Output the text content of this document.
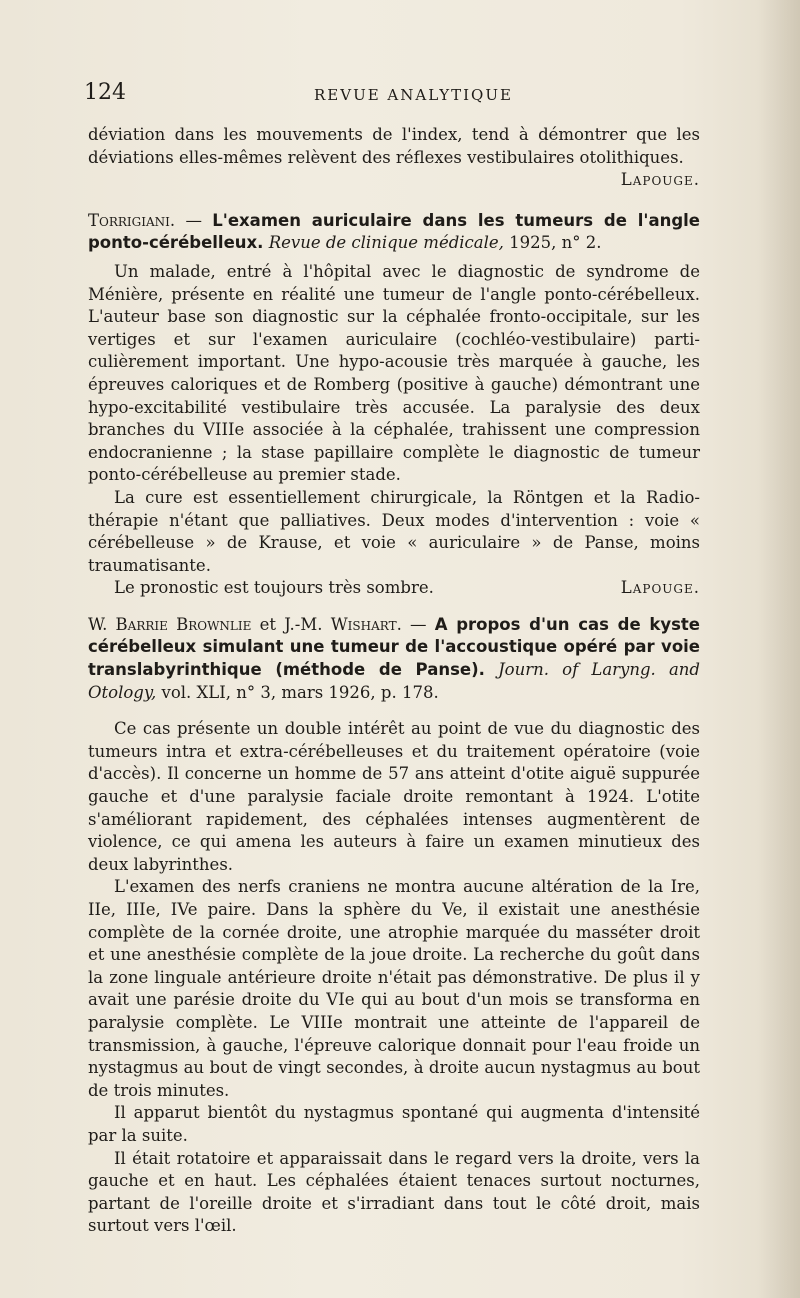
124	REVUE ANALYTIQUE

déviation dans les mouvements de l'index, tend à démontrer que les déviations elles-mêmes relèvent des réflexes vestibulaires otolithiques.

Lapouge.

Torrigiani. — L'examen auriculaire dans les tumeurs de l'angle ponto-cérébelleux. Revue de clinique médicale, 1925, n° 2.

Un malade, entré à l'hôpital avec le diagnostic de syndrome de Ménière, présente en réalité une tumeur de l'angle ponto-cérébelleux. L'auteur base son diagnostic sur la céphalée fronto-occipitale, sur les vertiges et sur l'examen auriculaire (cochléo-vestibulaire) particulièrement important. Une hypo-acousie très marquée à gauche, les épreuves caloriques et de Romberg (positive à gauche) démontrant une hypo-excitabilité vestibulaire très accusée. La paralysie des deux branches du VIIIe associée à la céphalée, trahissent une compression endocranienne ; la stase papillaire complète le diagnostic de tumeur ponto-cérébelleuse au premier stade.

La cure est essentiellement chirurgicale, la Röntgen et la Radiothérapie n'étant que palliatives. Deux modes d'intervention : voie « cérébelleuse » de Krause, et voie « auriculaire » de Panse, moins traumatisante.

Le pronostic est toujours très sombre.	Lapouge.

W. Barrie Brownlie et J.-M. Wishart. — A propos d'un cas de kyste cérébelleux simulant une tumeur de l'accoustique opéré par voie translabyrinthique (méthode de Panse). Journ. of Laryng. and Otology, vol. XLI, n° 3, mars 1926, p. 178.

Ce cas présente un double intérêt au point de vue du diagnostic des tumeurs intra et extra-cérébelleuses et du traitement opératoire (voie d'accès). Il concerne un homme de 57 ans atteint d'otite aiguë suppurée gauche et d'une paralysie faciale droite remontant à 1924. L'otite s'améliorant rapidement, des céphalées intenses augmentèrent de violence, ce qui amena les auteurs à faire un examen minutieux des deux labyrinthes.

L'examen des nerfs craniens ne montra aucune altération de la Ire, IIe, IIIe, IVe paire. Dans la sphère du Ve, il existait une anesthésie complète de la cornée droite, une atrophie marquée du masséter droit et une anesthésie complète de la joue droite. La recherche du goût dans la zone linguale antérieure droite n'était pas démonstrative. De plus il y avait une parésie droite du VIe qui au bout d'un mois se transforma en paralysie complète. Le VIIIe montrait une atteinte de l'appareil de transmission, à gauche, l'épreuve calorique donnait pour l'eau froide un nystagmus au bout de vingt secondes, à droite aucun nystagmus au bout de trois minutes.

Il apparut bientôt du nystagmus spontané qui augmenta d'intensité par la suite.

Il était rotatoire et apparaissait dans le regard vers la droite, vers la gauche et en haut. Les céphalées étaient tenaces surtout nocturnes, partant de l'oreille droite et s'irradiant dans tout le côté droit, mais surtout vers l'œil.
